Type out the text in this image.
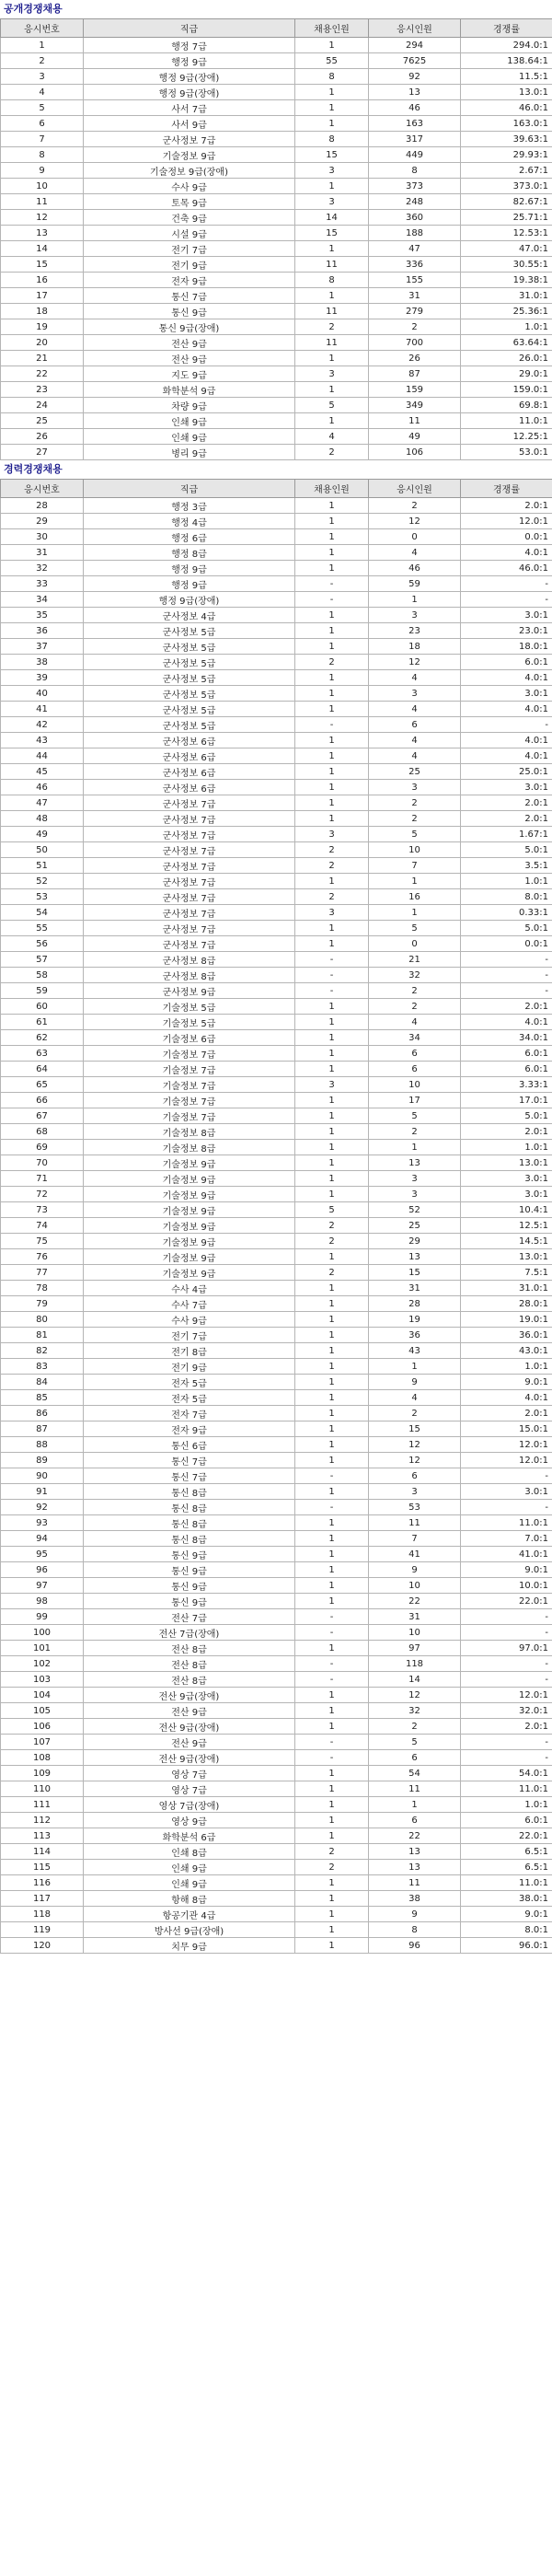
공개경쟁채용
응시번호	직급	채용인원	응시인원	경쟁률
1	행정 7급	1	294	294.0:1
2	행정 9급	55	7625	138.64:1
3	행정 9급(장애)	8	92	11.5:1
4	행정 9급(장애)	1	13	13.0:1
5	사서 7급	1	46	46.0:1
6	사서 9급	1	163	163.0:1
7	군사정보 7급	8	317	39.63:1
8	기술정보 9급	15	449	29.93:1
9	기술정보 9급(장애)	3	8	2.67:1
10	수사 9급	1	373	373.0:1
11	토목 9급	3	248	82.67:1
12	건축 9급	14	360	25.71:1
13	시설 9급	15	188	12.53:1
14	전기 7급	1	47	47.0:1
15	전기 9급	11	336	30.55:1
16	전자 9급	8	155	19.38:1
17	통신 7급	1	31	31.0:1
18	통신 9급	11	279	25.36:1
19	통신 9급(장애)	2	2	1.0:1
20	전산 9급	11	700	63.64:1
21	전산 9급	1	26	26.0:1
22	지도 9급	3	87	29.0:1
23	화학분석 9급	1	159	159.0:1
24	차량 9급	5	349	69.8:1
25	인쇄 9급	1	11	11.0:1
26	인쇄 9급	4	49	12.25:1
27	병리 9급	2	106	53.0:1
경력경쟁채용
응시번호	직급	채용인원	응시인원	경쟁률
28	행정 3급	1	2	2.0:1
29	행정 4급	1	12	12.0:1
30	행정 6급	1	0	0.0:1
31	행정 8급	1	4	4.0:1
32	행정 9급	1	46	46.0:1
33	행정 9급	-	59	-
34	행정 9급(장애)	-	1	-
35	군사정보 4급	1	3	3.0:1
36	군사정보 5급	1	23	23.0:1
37	군사정보 5급	1	18	18.0:1
38	군사정보 5급	2	12	6.0:1
39	군사정보 5급	1	4	4.0:1
40	군사정보 5급	1	3	3.0:1
41	군사정보 5급	1	4	4.0:1
42	군사정보 5급	-	6	-
43	군사정보 6급	1	4	4.0:1
44	군사정보 6급	1	4	4.0:1
45	군사정보 6급	1	25	25.0:1
46	군사정보 6급	1	3	3.0:1
47	군사정보 7급	1	2	2.0:1
48	군사정보 7급	1	2	2.0:1
49	군사정보 7급	3	5	1.67:1
50	군사정보 7급	2	10	5.0:1
51	군사정보 7급	2	7	3.5:1
52	군사정보 7급	1	1	1.0:1
53	군사정보 7급	2	16	8.0:1
54	군사정보 7급	3	1	0.33:1
55	군사정보 7급	1	5	5.0:1
56	군사정보 7급	1	0	0.0:1
57	군사정보 8급	-	21	-
58	군사정보 8급	-	32	-
59	군사정보 9급	-	2	-
60	기술정보 5급	1	2	2.0:1
61	기술정보 5급	1	4	4.0:1
62	기술정보 6급	1	34	34.0:1
63	기술정보 7급	1	6	6.0:1
64	기술정보 7급	1	6	6.0:1
65	기술정보 7급	3	10	3.33:1
66	기술정보 7급	1	17	17.0:1
67	기술정보 7급	1	5	5.0:1
68	기술정보 8급	1	2	2.0:1
69	기술정보 8급	1	1	1.0:1
70	기술정보 9급	1	13	13.0:1
71	기술정보 9급	1	3	3.0:1
72	기술정보 9급	1	3	3.0:1
73	기술정보 9급	5	52	10.4:1
74	기술정보 9급	2	25	12.5:1
75	기술정보 9급	2	29	14.5:1
76	기술정보 9급	1	13	13.0:1
77	기술정보 9급	2	15	7.5:1
78	수사 4급	1	31	31.0:1
79	수사 7급	1	28	28.0:1
80	수사 9급	1	19	19.0:1
81	전기 7급	1	36	36.0:1
82	전기 8급	1	43	43.0:1
83	전기 9급	1	1	1.0:1
84	전자 5급	1	9	9.0:1
85	전자 5급	1	4	4.0:1
86	전자 7급	1	2	2.0:1
87	전자 9급	1	15	15.0:1
88	통신 6급	1	12	12.0:1
89	통신 7급	1	12	12.0:1
90	통신 7급	-	6	-
91	통신 8급	1	3	3.0:1
92	통신 8급	-	53	-
93	통신 8급	1	11	11.0:1
94	통신 8급	1	7	7.0:1
95	통신 9급	1	41	41.0:1
96	통신 9급	1	9	9.0:1
97	통신 9급	1	10	10.0:1
98	통신 9급	1	22	22.0:1
99	전산 7급	-	31	-
100	전산 7급(장애)	-	10	-
101	전산 8급	1	97	97.0:1
102	전산 8급	-	118	-
103	전산 8급	-	14	-
104	전산 9급(장애)	1	12	12.0:1
105	전산 9급	1	32	32.0:1
106	전산 9급(장애)	1	2	2.0:1
107	전산 9급	-	5	-
108	전산 9급(장애)	-	6	-
109	영상 7급	1	54	54.0:1
110	영상 7급	1	11	11.0:1
111	영상 7급(장애)	1	1	1.0:1
112	영상 9급	1	6	6.0:1
113	화학분석 6급	1	22	22.0:1
114	인쇄 8급	2	13	6.5:1
115	인쇄 9급	2	13	6.5:1
116	인쇄 9급	1	11	11.0:1
117	항해 8급	1	38	38.0:1
118	항공기관 4급	1	9	9.0:1
119	방사선 9급(장애)	1	8	8.0:1
120	치무 9급	1	96	96.0:1
